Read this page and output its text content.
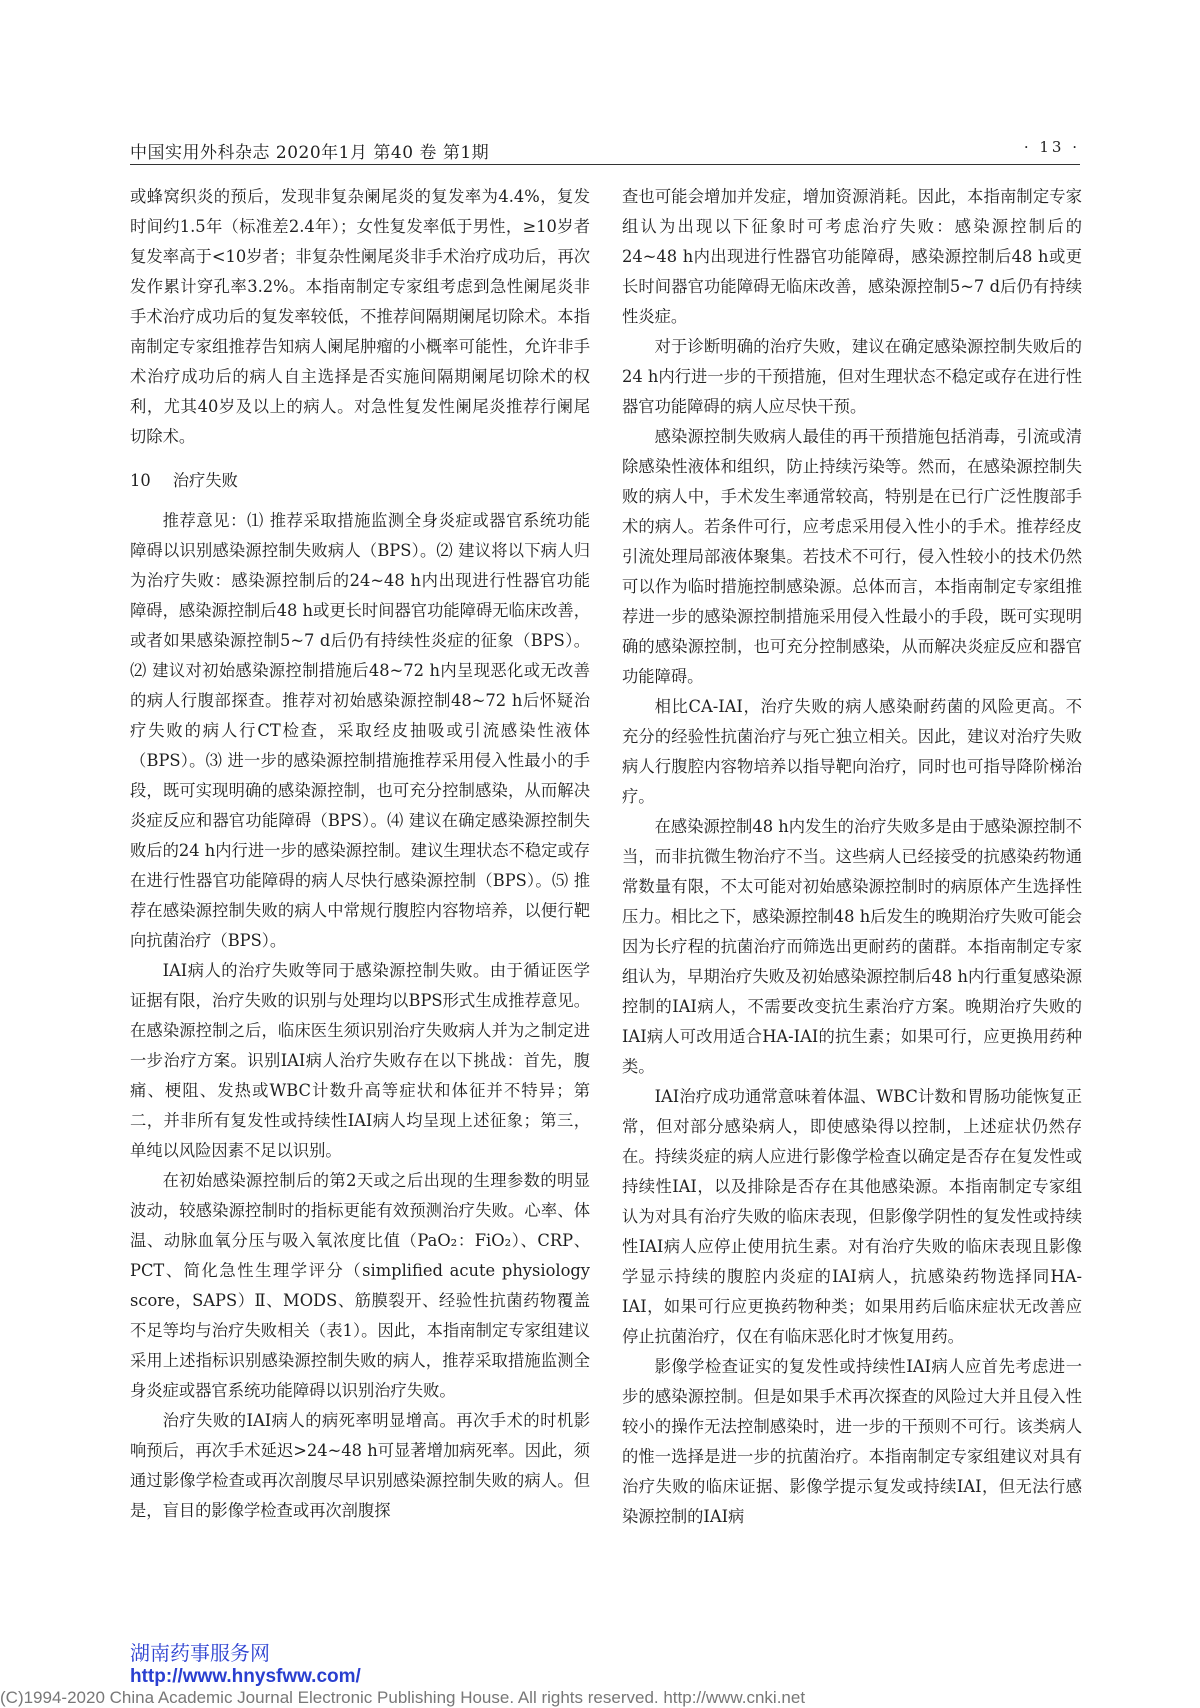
中国实用外科杂志 2020年1月 第40 卷 第1期	· 13 ·

或蜂窝织炎的预后，发现非复杂阑尾炎的复发率为4.4%，复发时间约1.5年（标准差2.4年）；女性复发率低于男性，≥10岁者复发率高于<10岁者；非复杂性阑尾炎非手术治疗成功后，再次发作累计穿孔率3.2%。本指南制定专家组考虑到急性阑尾炎非手术治疗成功后的复发率较低，不推荐间隔期阑尾切除术。本指南制定专家组推荐告知病人阑尾肿瘤的小概率可能性，允许非手术治疗成功后的病人自主选择是否实施间隔期阑尾切除术的权利，尤其40岁及以上的病人。对急性复发性阑尾炎推荐行阑尾切除术。

10 治疗失败

推荐意见：⑴ 推荐采取措施监测全身炎症或器官系统功能障碍以识别感染源控制失败病人（BPS）。⑵ 建议将以下病人归为治疗失败：感染源控制后的24~48 h内出现进行性器官功能障碍，感染源控制后48 h或更长时间器官功能障碍无临床改善，或者如果感染源控制5~7 d后仍有持续性炎症的征象（BPS）。⑵ 建议对初始感染源控制措施后48~72 h内呈现恶化或无改善的病人行腹部探查。推荐对初始感染源控制48~72 h后怀疑治疗失败的病人行CT检查，采取经皮抽吸或引流感染性液体（BPS）。⑶ 进一步的感染源控制措施推荐采用侵入性最小的手段，既可实现明确的感染源控制，也可充分控制感染，从而解决炎症反应和器官功能障碍（BPS）。⑷ 建议在确定感染源控制失败后的24 h内行进一步的感染源控制。建议生理状态不稳定或存在进行性器官功能障碍的病人尽快行感染源控制（BPS）。⑸ 推荐在感染源控制失败的病人中常规行腹腔内容物培养，以便行靶向抗菌治疗（BPS）。

IAI病人的治疗失败等同于感染源控制失败。由于循证医学证据有限，治疗失败的识别与处理均以BPS形式生成推荐意见。在感染源控制之后，临床医生须识别治疗失败病人并为之制定进一步治疗方案。识别IAI病人治疗失败存在以下挑战：首先，腹痛、梗阻、发热或WBC计数升高等症状和体征并不特异；第二，并非所有复发性或持续性IAI病人均呈现上述征象；第三，单纯以风险因素不足以识别。

在初始感染源控制后的第2天或之后出现的生理参数的明显波动，较感染源控制时的指标更能有效预测治疗失败。心率、体温、动脉血氧分压与吸入氧浓度比值（PaO₂：FiO₂）、CRP、PCT、简化急性生理学评分（simplified acute physiology score，SAPS）Ⅱ、MODS、筋膜裂开、经验性抗菌药物覆盖不足等均与治疗失败相关（表1）。因此，本指南制定专家组建议采用上述指标识别感染源控制失败的病人，推荐采取措施监测全身炎症或器官系统功能障碍以识别治疗失败。

治疗失败的IAI病人的病死率明显增高。再次手术的时机影响预后，再次手术延迟>24~48 h可显著增加病死率。因此，须通过影像学检查或再次剖腹尽早识别感染源控制失败的病人。但是，盲目的影像学检查或再次剖腹探

查也可能会增加并发症，增加资源消耗。因此，本指南制定专家组认为出现以下征象时可考虑治疗失败：感染源控制后的24~48 h内出现进行性器官功能障碍，感染源控制后48 h或更长时间器官功能障碍无临床改善，感染源控制5~7 d后仍有持续性炎症。

对于诊断明确的治疗失败，建议在确定感染源控制失败后的24 h内行进一步的干预措施，但对生理状态不稳定或存在进行性器官功能障碍的病人应尽快干预。

感染源控制失败病人最佳的再干预措施包括消毒，引流或清除感染性液体和组织，防止持续污染等。然而，在感染源控制失败的病人中，手术发生率通常较高，特别是在已行广泛性腹部手术的病人。若条件可行，应考虑采用侵入性小的手术。推荐经皮引流处理局部液体聚集。若技术不可行，侵入性较小的技术仍然可以作为临时措施控制感染源。总体而言，本指南制定专家组推荐进一步的感染源控制措施采用侵入性最小的手段，既可实现明确的感染源控制，也可充分控制感染，从而解决炎症反应和器官功能障碍。

相比CA-IAI，治疗失败的病人感染耐药菌的风险更高。不充分的经验性抗菌治疗与死亡独立相关。因此，建议对治疗失败病人行腹腔内容物培养以指导靶向治疗，同时也可指导降阶梯治疗。

在感染源控制48 h内发生的治疗失败多是由于感染源控制不当，而非抗微生物治疗不当。这些病人已经接受的抗感染药物通常数量有限，不太可能对初始感染源控制时的病原体产生选择性压力。相比之下，感染源控制48 h后发生的晚期治疗失败可能会因为长疗程的抗菌治疗而筛选出更耐药的菌群。本指南制定专家组认为，早期治疗失败及初始感染源控制后48 h内行重复感染源控制的IAI病人，不需要改变抗生素治疗方案。晚期治疗失败的IAI病人可改用适合HA-IAI的抗生素；如果可行，应更换用药种类。

IAI治疗成功通常意味着体温、WBC计数和胃肠功能恢复正常，但对部分感染病人，即使感染得以控制，上述症状仍然存在。持续炎症的病人应进行影像学检查以确定是否存在复发性或持续性IAI，以及排除是否存在其他感染源。本指南制定专家组认为对具有治疗失败的临床表现，但影像学阴性的复发性或持续性IAI病人应停止使用抗生素。对有治疗失败的临床表现且影像学显示持续的腹腔内炎症的IAI病人，抗感染药物选择同HA-IAI，如果可行应更换药物种类；如果用药后临床症状无改善应停止抗菌治疗，仅在有临床恶化时才恢复用药。

影像学检查证实的复发性或持续性IAI病人应首先考虑进一步的感染源控制。但是如果手术再次探查的风险过大并且侵入性较小的操作无法控制感染时，进一步的干预则不可行。该类病人的惟一选择是进一步的抗菌治疗。本指南制定专家组建议对具有治疗失败的临床证据、影像学提示复发或持续IAI，但无法行感染源控制的IAI病

湖南药事服务网
http://www.hnysfww.com/
(C)1994-2020 China Academic Journal Electronic Publishing House. All rights reserved. http://www.cnki.net
